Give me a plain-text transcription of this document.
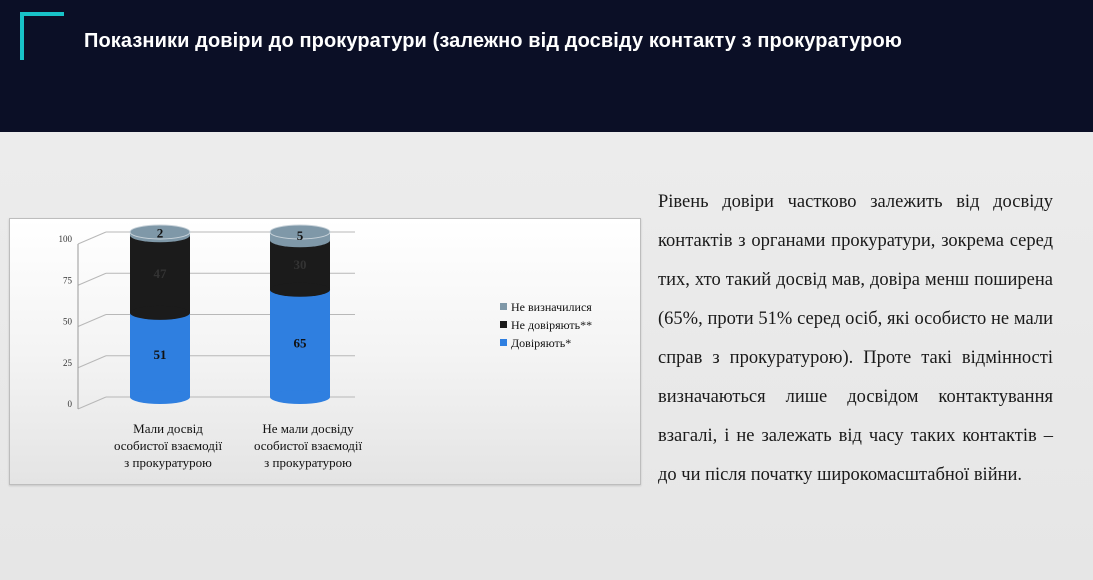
Показники довіри до прокуратури (залежно від досвіду контакту з прокуратурою
0
25
50
75
100
51
47
2
Мали досвід
особистої взаємодії
з прокуратурою
65
30
5
Не мали досвіду
особистої взаємодії
з прокуратурою
Не визначилися
Не довіряють**
Довіряють*
Рівень довіри частково залежить від досвіду контактів з органами прокуратури, зокрема серед тих, хто такий досвід мав, довіра менш поширена (65%, проти 51% серед осіб, які особисто не мали справ з прокуратурою). Проте такі відмінності визначаються лише досвідом контактування взагалі, і не залежать від часу таких контактів – до чи після початку широкомасштабної війни.
